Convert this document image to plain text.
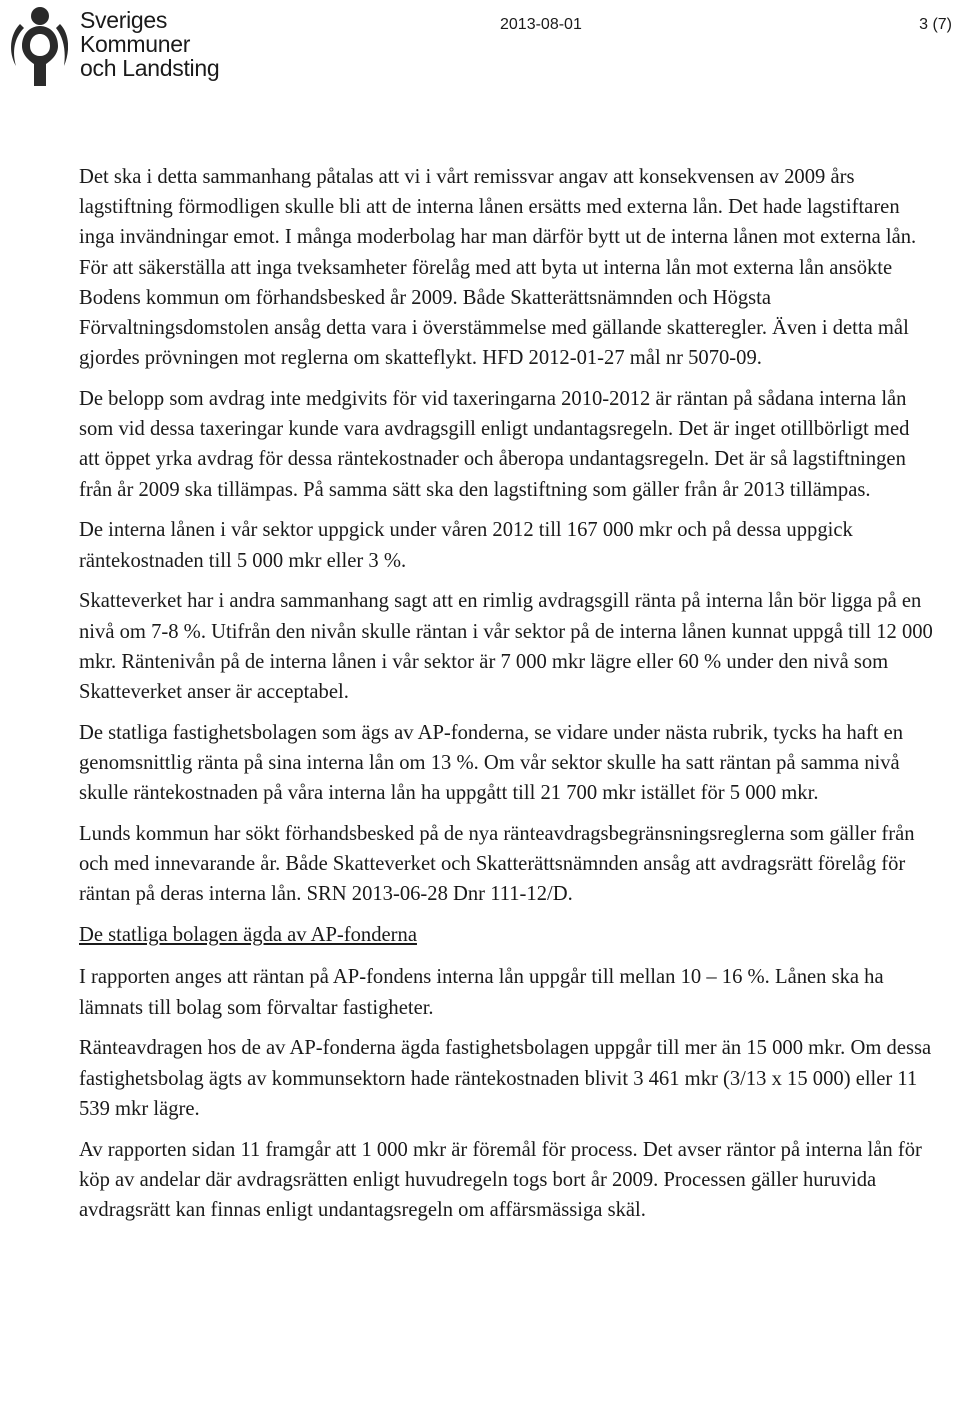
Sveriges
Kommuner
och Landsting
2013-08-01	3 (7)

Det ska i detta sammanhang påtalas att vi i vårt remissvar angav att konsekvensen av 2009 års lagstiftning förmodligen skulle bli att de interna lånen ersätts med externa lån. Det hade lagstiftaren inga invändningar emot. I många moderbolag har man därför bytt ut de interna lånen mot externa lån.

För att säkerställa att inga tveksamheter förelåg med att byta ut interna lån mot externa lån ansökte Bodens kommun om förhandsbesked år 2009. Både Skatterättsnämnden och Högsta Förvaltningsdomstolen ansåg detta vara i överstämmelse med gällande skatteregler. Även i detta mål gjordes prövningen mot reglerna om skatteflykt. HFD 2012-01-27 mål nr 5070-09.

De belopp som avdrag inte medgivits för vid taxeringarna 2010-2012 är räntan på sådana interna lån som vid dessa taxeringar kunde vara avdragsgill enligt undantagsregeln. Det är inget otillbörligt med att öppet yrka avdrag för dessa räntekostnader och åberopa undantagsregeln. Det är så lagstiftningen från år 2009 ska tillämpas. På samma sätt ska den lagstiftning som gäller från år 2013 tillämpas.

De interna lånen i vår sektor uppgick under våren 2012 till 167 000 mkr och på dessa uppgick räntekostnaden till 5 000 mkr eller 3 %.

Skatteverket har i andra sammanhang sagt att en rimlig avdragsgill ränta på interna lån bör ligga på en nivå om 7-8 %. Utifrån den nivån skulle räntan i vår sektor på de interna lånen kunnat uppgå till 12 000 mkr. Räntenivån på de interna lånen i vår sektor är 7 000 mkr lägre eller 60 % under den nivå som Skatteverket anser är acceptabel.

De statliga fastighetsbolagen som ägs av AP-fonderna, se vidare under nästa rubrik, tycks ha haft en genomsnittlig ränta på sina interna lån om 13 %. Om vår sektor skulle ha satt räntan på samma nivå skulle räntekostnaden på våra interna lån ha uppgått till 21 700 mkr istället för 5 000 mkr.

Lunds kommun har sökt förhandsbesked på de nya ränteavdragsbegränsningsreglerna som gäller från och med innevarande år. Både Skatteverket och Skatterättsnämnden ansåg att avdragsrätt förelåg för räntan på deras interna lån. SRN 2013-06-28 Dnr 111-12/D.

De statliga bolagen ägda av AP-fonderna

I rapporten anges att räntan på AP-fondens interna lån uppgår till mellan 10 – 16 %. Lånen ska ha lämnats till bolag som förvaltar fastigheter.

Ränteavdragen hos de av AP-fonderna ägda fastighetsbolagen uppgår till mer än 15 000 mkr. Om dessa fastighetsbolag ägts av kommunsektorn hade räntekostnaden blivit 3 461 mkr (3/13 x 15 000) eller 11 539 mkr lägre.

Av rapporten sidan 11 framgår att 1 000 mkr är föremål för process. Det avser räntor på interna lån för köp av andelar där avdragsrätten enligt huvudregeln togs bort år 2009. Processen gäller huruvida avdragsrätt kan finnas enligt undantagsregeln om affärsmässiga skäl.
